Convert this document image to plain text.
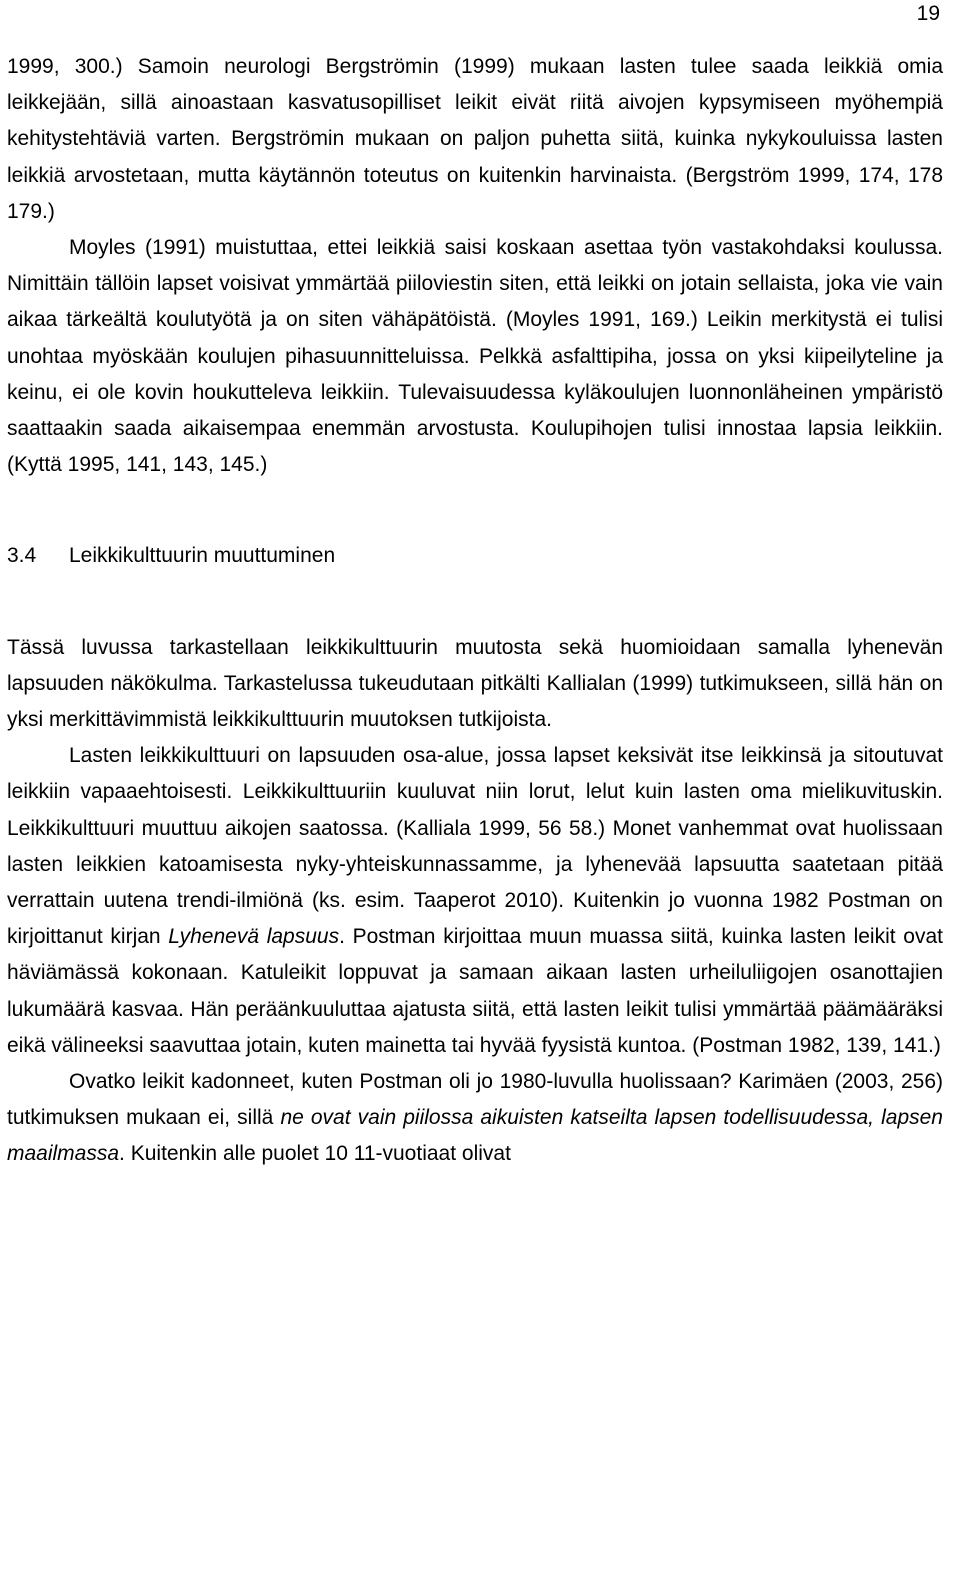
19

1999, 300.) Samoin neurologi Bergströmin (1999) mukaan lasten tulee saada leikkiä omia leikkejään, sillä ainoastaan kasvatusopilliset leikit eivät riitä aivojen kypsymiseen myöhempiä kehitystehtäviä varten. Bergströmin mukaan on paljon puhetta siitä, kuinka nykykouluissa lasten leikkiä arvostetaan, mutta käytännön toteutus on kuitenkin harvinaista. (Bergström 1999, 174, 178 179.)

Moyles (1991) muistuttaa, ettei leikkiä saisi koskaan asettaa työn vastakohdaksi koulussa. Nimittäin tällöin lapset voisivat ymmärtää piiloviestin siten, että leikki on jotain sellaista, joka vie vain aikaa tärkeältä koulutyötä ja on siten vähäpätöistä. (Moyles 1991, 169.) Leikin merkitystä ei tulisi unohtaa myöskään koulujen pihasuunnitteluissa. Pelkkä asfalttipiha, jossa on yksi kiipeilyteline ja keinu, ei ole kovin houkutteleva leikkiin. Tulevaisuudessa kyläkoulujen luonnonläheinen ympäristö saattaakin saada aikaisempaa enemmän arvostusta. Koulupihojen tulisi innostaa lapsia leikkiin. (Kyttä 1995, 141, 143, 145.)

3.4 Leikkikulttuurin muuttuminen

Tässä luvussa tarkastellaan leikkikulttuurin muutosta sekä huomioidaan samalla lyhenevän lapsuuden näkökulma. Tarkastelussa tukeudutaan pitkälti Kallialan (1999) tutkimukseen, sillä hän on yksi merkittävimmistä leikkikulttuurin muutoksen tutkijoista.

Lasten leikkikulttuuri on lapsuuden osa-alue, jossa lapset keksivät itse leikkinsä ja sitoutuvat leikkiin vapaaehtoisesti. Leikkikulttuuriin kuuluvat niin lorut, lelut kuin lasten oma mielikuvituskin. Leikkikulttuuri muuttuu aikojen saatossa. (Kalliala 1999, 56 58.) Monet vanhemmat ovat huolissaan lasten leikkien katoamisesta nyky-yhteiskunnassamme, ja lyhenevää lapsuutta saatetaan pitää verrattain uutena trendi-ilmiönä (ks. esim. Taaperot 2010). Kuitenkin jo vuonna 1982 Postman on kirjoittanut kirjan Lyhenevä lapsuus. Postman kirjoittaa muun muassa siitä, kuinka lasten leikit ovat häviämässä kokonaan. Katuleikit loppuvat ja samaan aikaan lasten urheiluliigojen osanottajien lukumäärä kasvaa. Hän peräänkuuluttaa ajatusta siitä, että lasten leikit tulisi ymmärtää päämääräksi eikä välineeksi saavuttaa jotain, kuten mainetta tai hyvää fyysistä kuntoa. (Postman 1982, 139, 141.)

Ovatko leikit kadonneet, kuten Postman oli jo 1980-luvulla huolissaan? Karimäen (2003, 256) tutkimuksen mukaan ei, sillä ne ovat vain piilossa aikuisten katseilta lapsen todellisuudessa, lapsen maailmassa. Kuitenkin alle puolet 10 11-vuotiaat olivat
